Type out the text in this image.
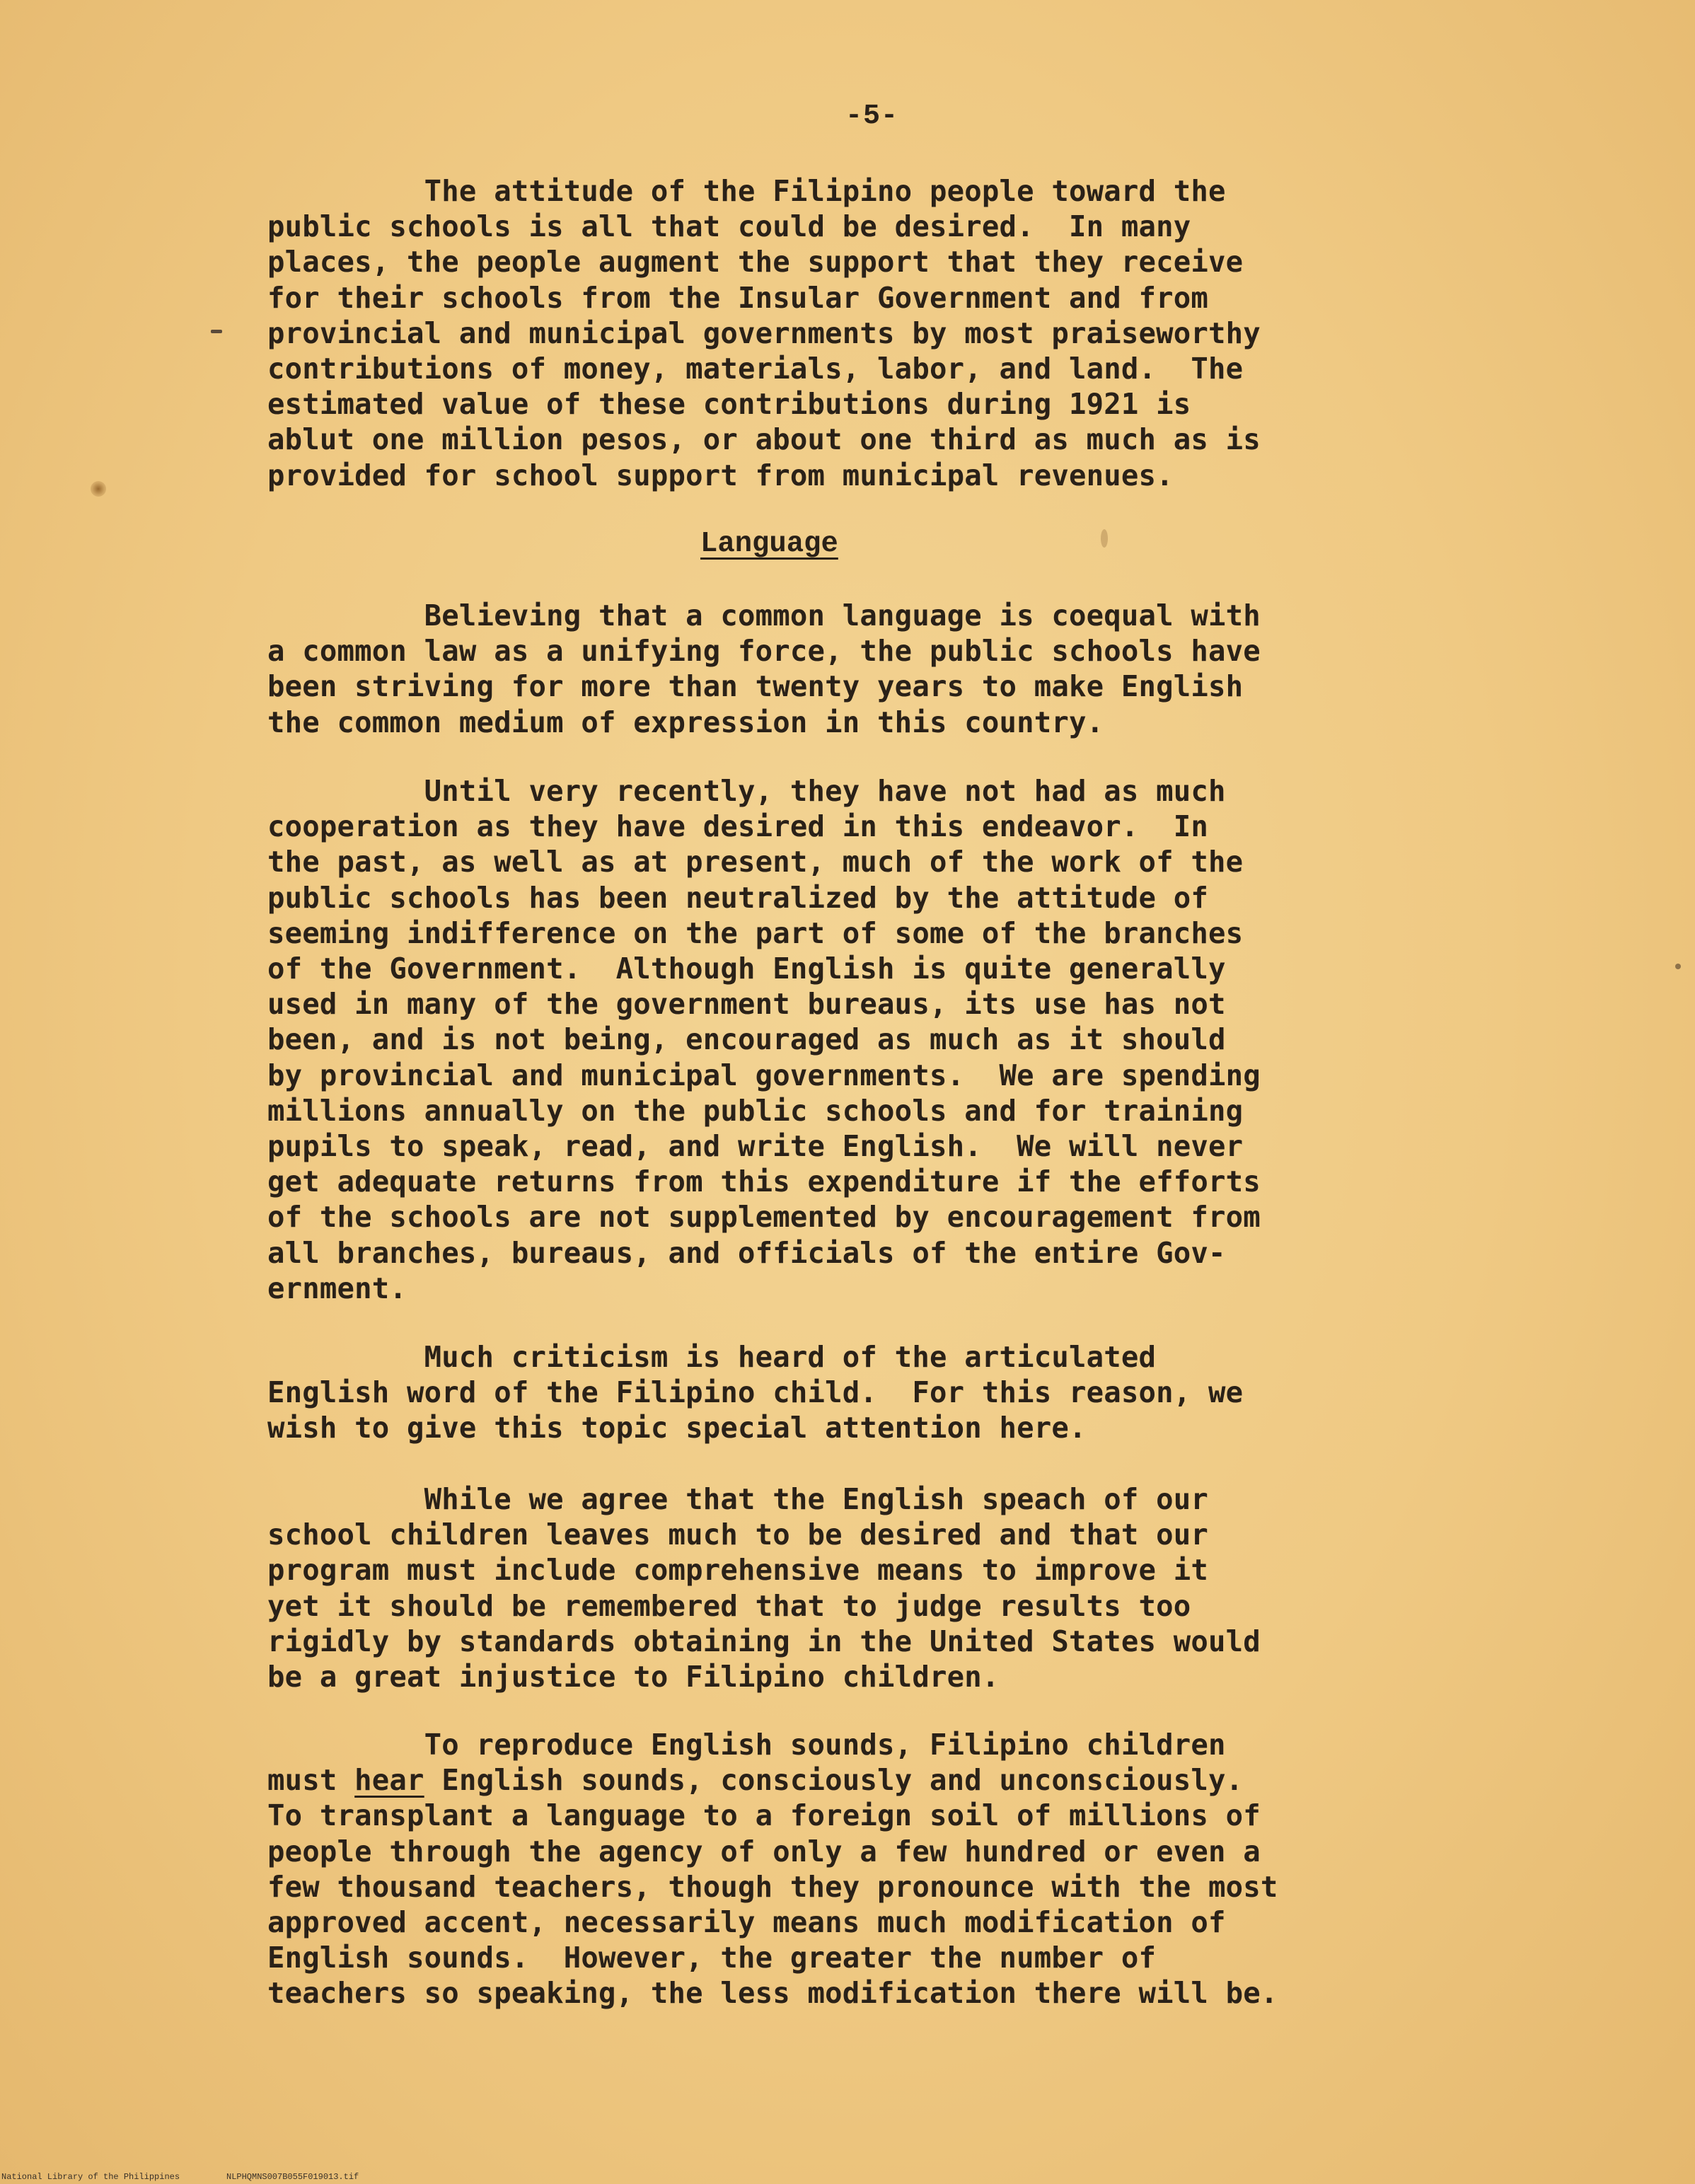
-5-
The attitude of the Filipino people toward the
public schools is all that could be desired.  In many
places, the people augment the support that they receive
for their schools from the Insular Government and from
provincial and municipal governments by most praiseworthy
contributions of money, materials, labor, and land.  The
estimated value of these contributions during 1921 is
ablut one million pesos, or about one third as much as is
provided for school support from municipal revenues.
Language
Believing that a common language is coequal with
a common law as a unifying force, the public schools have
been striving for more than twenty years to make English
the common medium of expression in this country.
Until very recently, they have not had as much
cooperation as they have desired in this endeavor.  In
the past, as well as at present, much of the work of the
public schools has been neutralized by the attitude of
seeming indifference on the part of some of the branches
of the Government.  Although English is quite generally
used in many of the government bureaus, its use has not
been, and is not being, encouraged as much as it should
by provincial and municipal governments.  We are spending
millions annually on the public schools and for training
pupils to speak, read, and write English.  We will never
get adequate returns from this expenditure if the efforts
of the schools are not supplemented by encouragement from
all branches, bureaus, and officials of the entire Gov-
ernment.
Much criticism is heard of the articulated
English word of the Filipino child.  For this reason, we
wish to give this topic special attention here.
While we agree that the English speach of our
school children leaves much to be desired and that our
program must include comprehensive means to improve it
yet it should be remembered that to judge results too
rigidly by standards obtaining in the United States would
be a great injustice to Filipino children.
To reproduce English sounds, Filipino children
must hear English sounds, consciously and unconsciously.
To transplant a language to a foreign soil of millions of
people through the agency of only a few hundred or even a
few thousand teachers, though they pronounce with the most
approved accent, necessarily means much modification of
English sounds.  However, the greater the number of
teachers so speaking, the less modification there will be.
National Library of the Philippines	NLPHQMNS007B055F019013.tif
